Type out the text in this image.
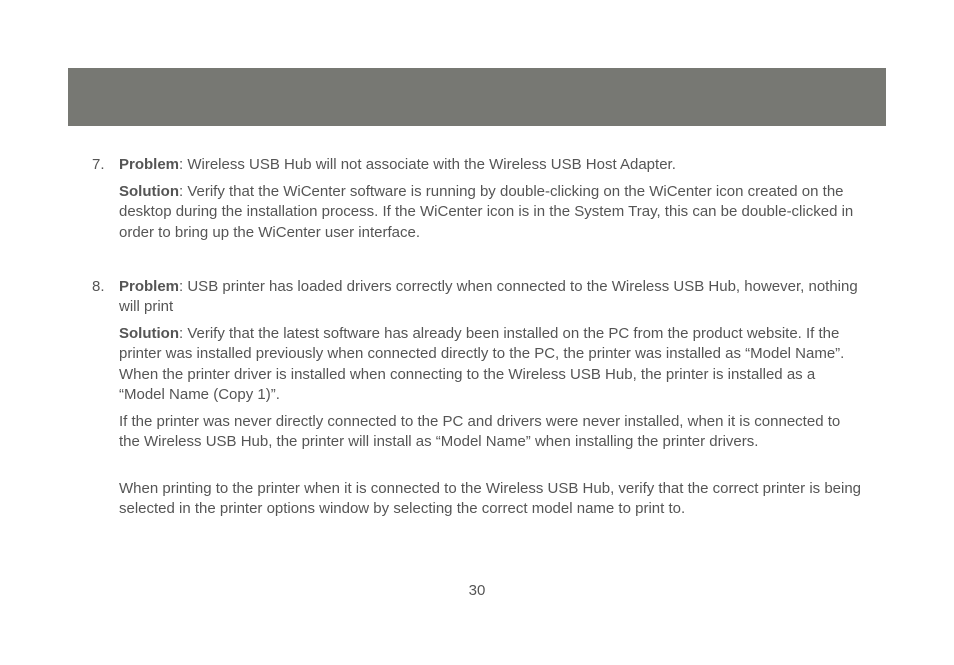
7. Problem: Wireless USB Hub will not associate with the Wireless USB Host Adapter.

Solution: Verify that the WiCenter software is running by double-clicking on the WiCenter icon created on the desktop during the installation process. If the WiCenter icon is in the System Tray, this can be double-clicked in order to bring up the WiCenter user interface.

8. Problem: USB printer has loaded drivers correctly when connected to the Wireless USB Hub, however, nothing will print

Solution: Verify that the latest software has already been installed on the PC from the product website. If the printer was installed previously when connected directly to the PC, the printer was installed as “Model Name”. When the printer driver is installed when connecting to the Wireless USB Hub, the printer is installed as a “Model Name (Copy 1)”.

If the printer was never directly connected to the PC and drivers were never installed, when it is connected to the Wireless USB Hub, the printer will install as “Model Name” when installing the printer drivers.

When printing to the printer when it is connected to the Wireless USB Hub, verify that the correct printer is being selected in the printer options window by selecting the correct model name to print to.

30
